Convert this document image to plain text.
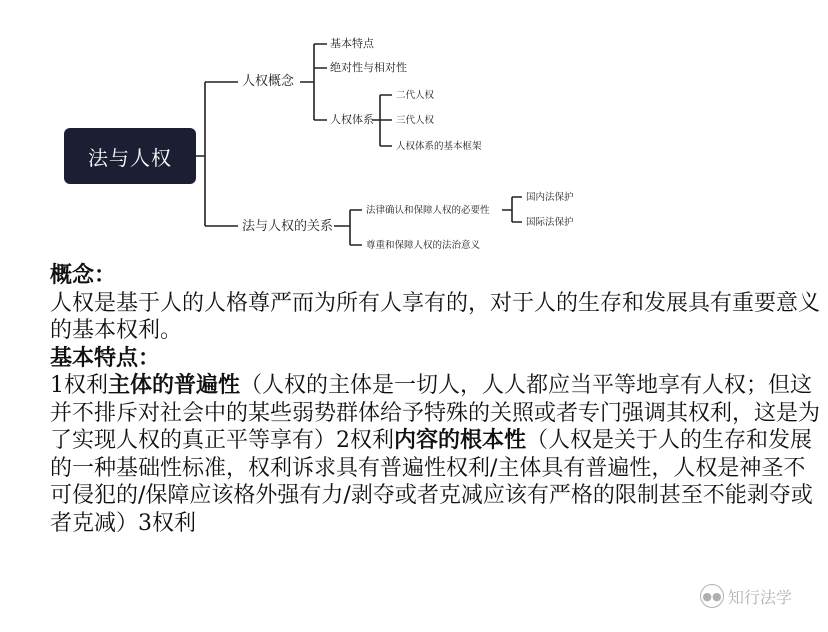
法与人权
人权概念
法与人权的关系
基本特点
绝对性与相对性
人权体系
二代人权
三代人权
人权体系的基本框架
法律确认和保障人权的必要性
尊重和保障人权的法治意义
国内法保护
国际法保护

概念：

人权是基于人的人格尊严而为所有人享有的，对于人的生存和发展具有重要意义的基本权利。

基本特点：

1权利主体的普遍性（人权的主体是一切人，人人都应当平等地享有人权；但这并不排斥对社会中的某些弱势群体给予特殊的关照或者专门强调其权利，这是为了实现人权的真正平等享有）2权利内容的根本性（人权是关于人的生存和发展的一种基础性标准，权利诉求具有普遍性权利/主体具有普遍性，人权是神圣不可侵犯的/保障应该格外强有力/剥夺或者克减应该有严格的限制甚至不能剥夺或者克减）3权利

●● 知行法学
